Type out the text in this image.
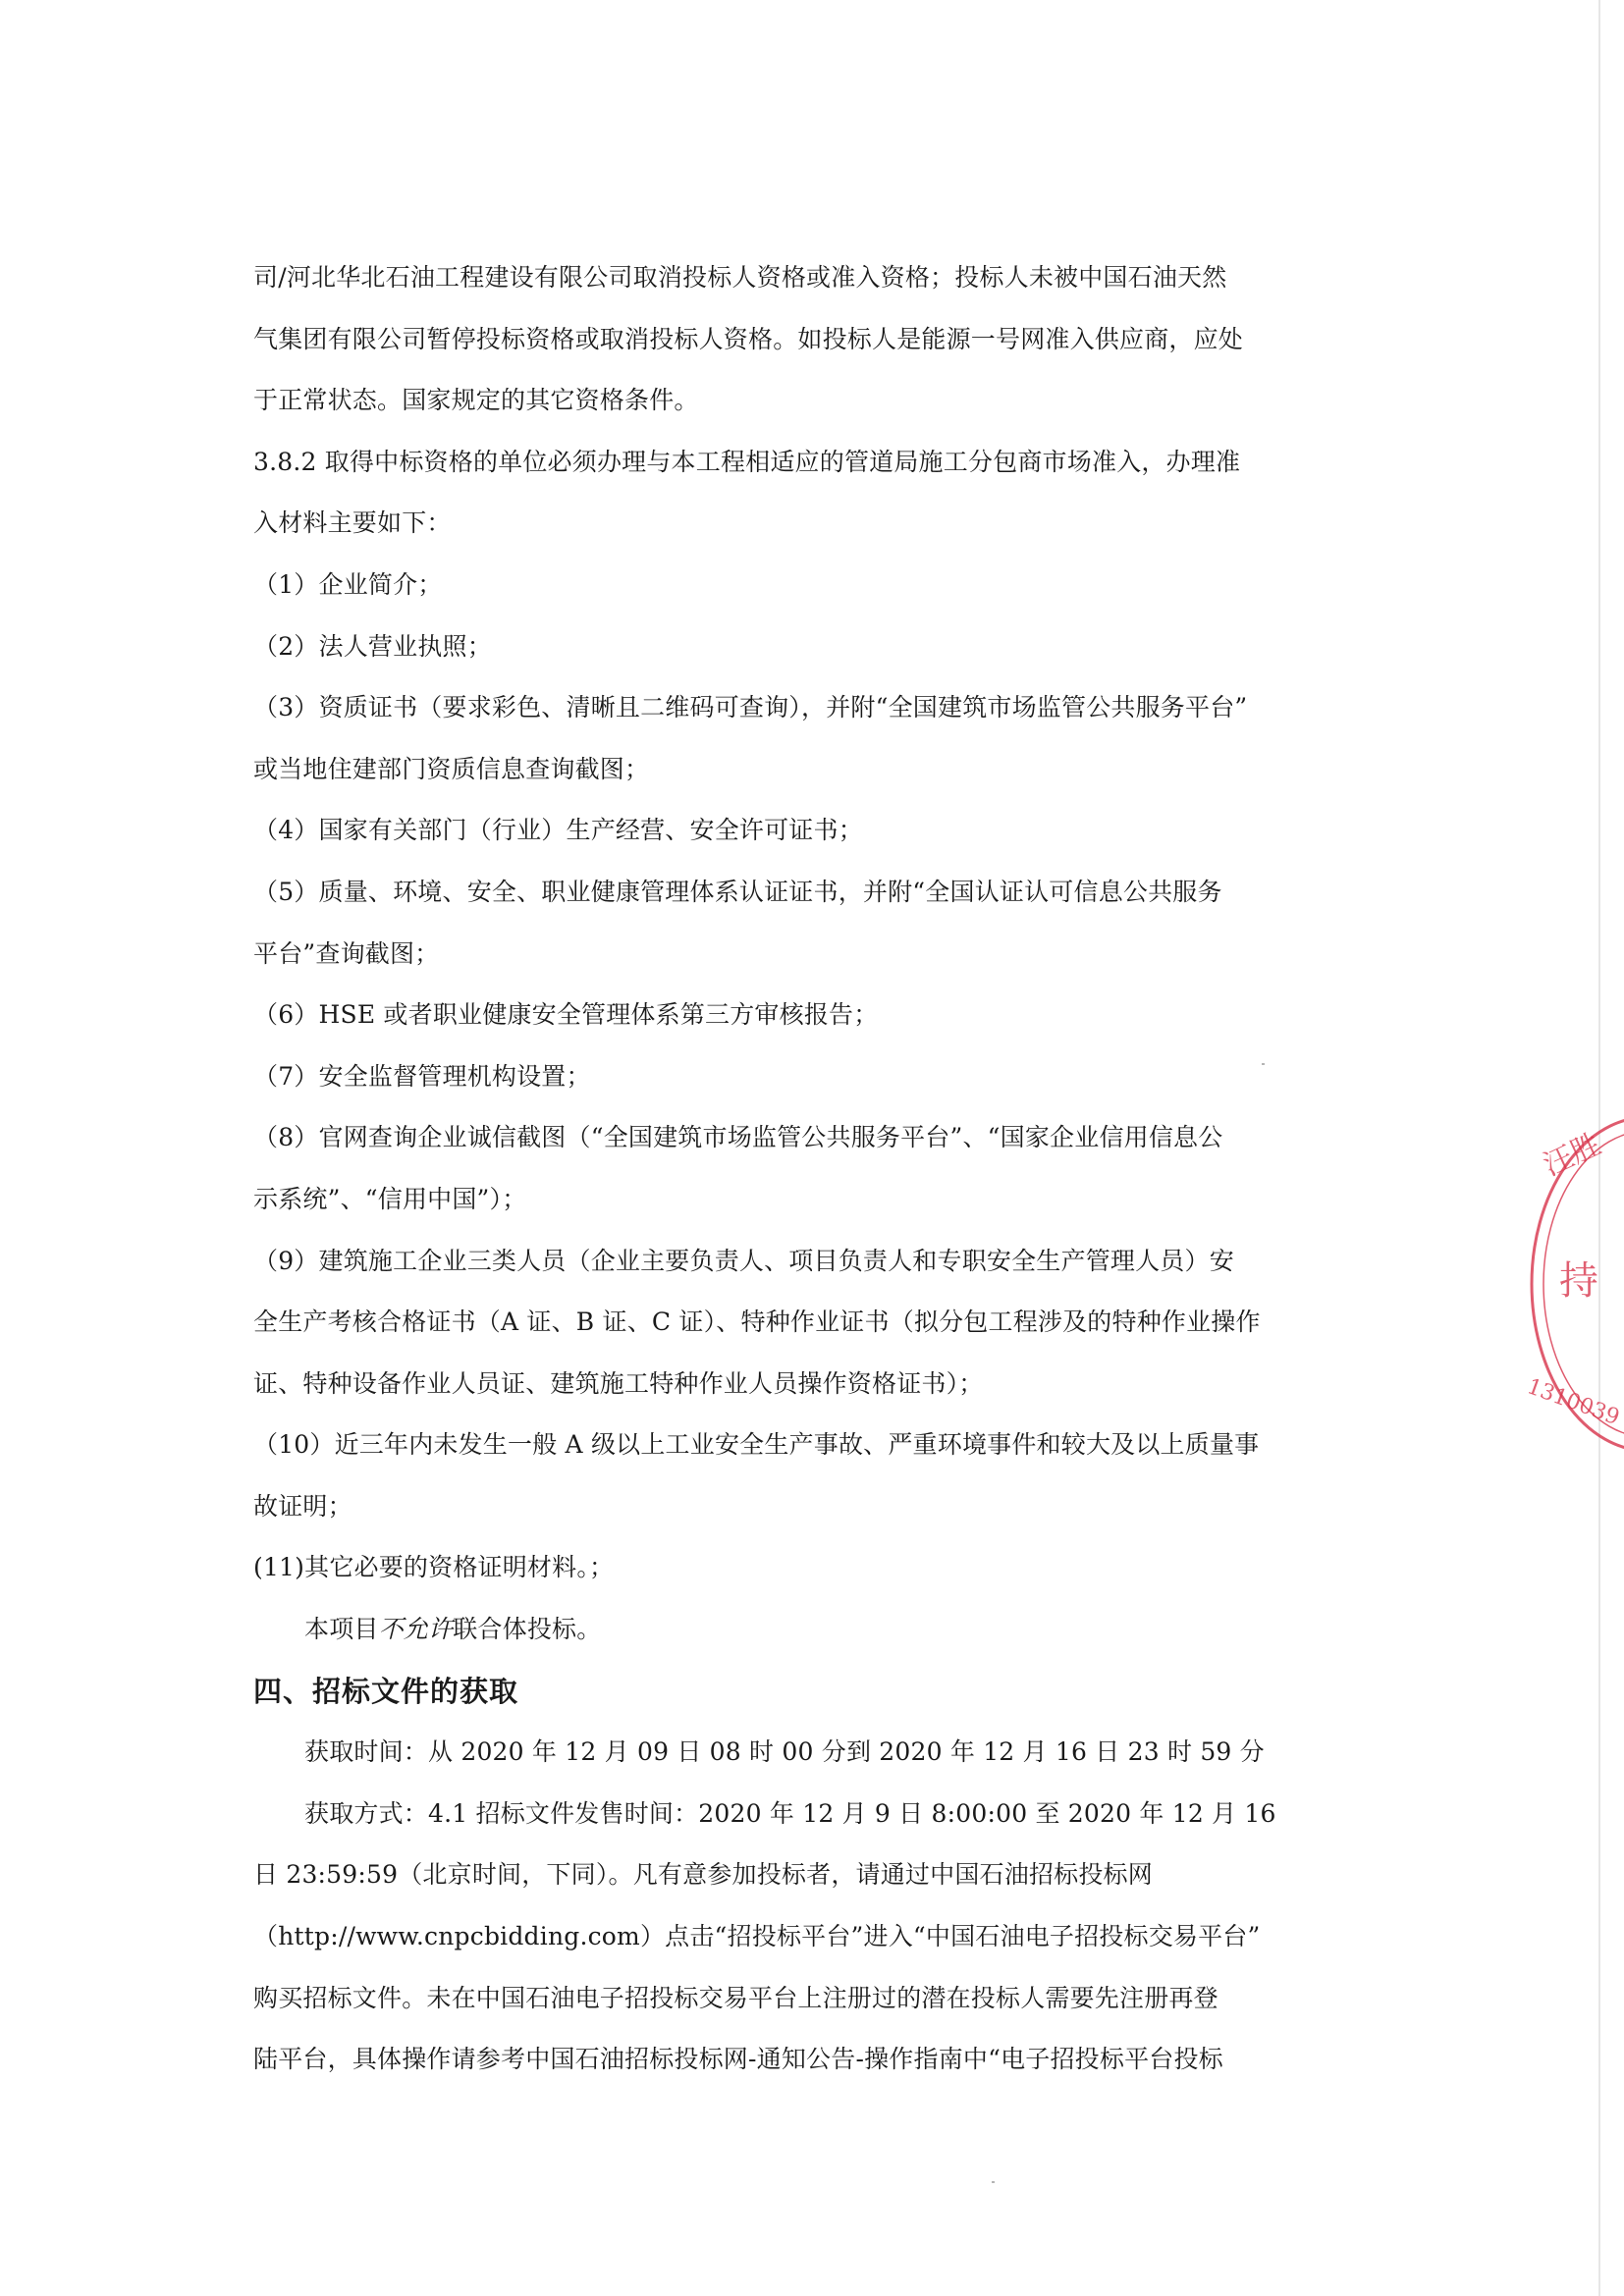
司/河北华北石油工程建设有限公司取消投标人资格或准入资格；投标人未被中国石油天然
气集团有限公司暂停投标资格或取消投标人资格。如投标人是能源一号网准入供应商，应处
于正常状态。国家规定的其它资格条件。
3.8.2 取得中标资格的单位必须办理与本工程相适应的管道局施工分包商市场准入，办理准
入材料主要如下：
（1）企业简介；
（2）法人营业执照；
（3）资质证书（要求彩色、清晰且二维码可查询），并附“全国建筑市场监管公共服务平台”
或当地住建部门资质信息查询截图；
（4）国家有关部门（行业）生产经营、安全许可证书；
（5）质量、环境、安全、职业健康管理体系认证证书，并附“全国认证认可信息公共服务
平台”查询截图；
（6）HSE 或者职业健康安全管理体系第三方审核报告；
（7）安全监督管理机构设置；
（8）官网查询企业诚信截图（“全国建筑市场监管公共服务平台”、“国家企业信用信息公
示系统”、“信用中国”）；
（9）建筑施工企业三类人员（企业主要负责人、项目负责人和专职安全生产管理人员）安
全生产考核合格证书（A 证、B 证、C 证）、特种作业证书（拟分包工程涉及的特种作业操作
证、特种设备作业人员证、建筑施工特种作业人员操作资格证书）；
（10）近三年内未发生一般 A 级以上工业安全生产事故、严重环境事件和较大及以上质量事
故证明；
(11)其它必要的资格证明材料。；
本项目不允许联合体投标。
四、招标文件的获取
获取时间：从 2020 年 12 月 09 日 08 时 00 分到 2020 年 12 月 16 日 23 时 59 分
获取方式：4.1 招标文件发售时间：2020 年 12 月 9 日 8:00:00 至 2020 年 12 月 16
日 23:59:59（北京时间，下同）。凡有意参加投标者，请通过中国石油招标投标网
（http://www.cnpcbidding.com）点击“招投标平台”进入“中国石油电子招投标交易平台”
购买招标文件。未在中国石油电子招投标交易平台上注册过的潜在投标人需要先注册再登
陆平台，具体操作请参考中国石油招标投标网-通知公告-操作指南中“电子招投标平台投标
汪胜
持
1310039
